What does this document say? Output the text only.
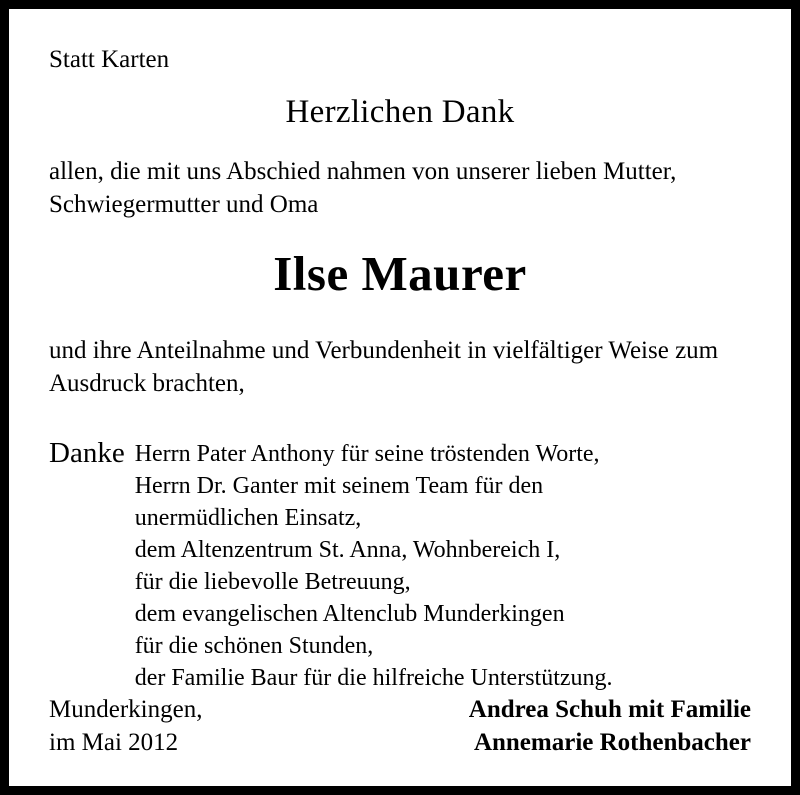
Statt Karten
Herzlichen Dank
allen, die mit uns Abschied nahmen von unserer lieben Mutter,
Schwiegermutter und Oma
Ilse Maurer
und ihre Anteilnahme und Verbundenheit in vielfältiger Weise zum Ausdruck brachten,
Danke Herrn Pater Anthony für seine tröstenden Worte,
Herrn Dr. Ganter mit seinem Team für den
unermüdlichen Einsatz,
dem Altenzentrum St. Anna, Wohnbereich I,
für die liebevolle Betreuung,
dem evangelischen Altenclub Munderkingen
für die schönen Stunden,
der Familie Baur für die hilfreiche Unterstützung.
Munderkingen,
im Mai 2012
Andrea Schuh mit Familie
Annemarie Rothenbacher
